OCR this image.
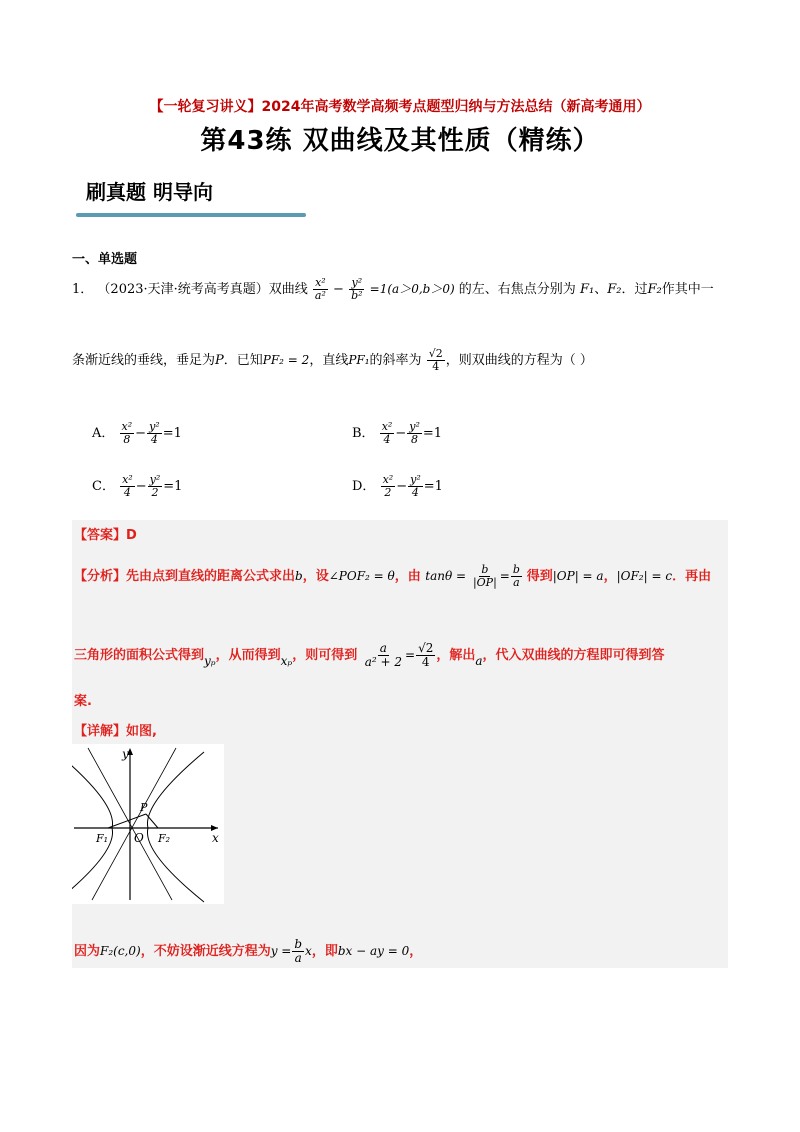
【一轮复习讲义】2024年高考数学高频考点题型归纳与方法总结（新高考通用）
第43练 双曲线及其性质（精练）
刷真题 明导向
一、单选题
1． （2023·天津·统考高考真题）双曲线 $\frac{\text{x²}}{\text{a²}} - \frac{\text{y²}}{\text{b²}} =1(a>0,b>0)$ 的左、右焦点分别为 F₁、F₂．过F₂作其中一
条渐近线的垂线，垂足为P．已知PF₂ = 2，直线PF₁的斜率为 $\frac{√2}{4}$ ，则双曲线的方程为（ ）
A． $\frac{\text{x²}}{8} - \frac{\text{y²}}{4} =1$	B． $\frac{\text{x²}}{4} - \frac{\text{y²}}{8} =1$
C． $\frac{\text{x²}}{4} - \frac{\text{y²}}{2} =1$	D． $\frac{\text{x²}}{2} - \frac{\text{y²}}{4} =1$
【答案】D
【分析】先由点到直线的距离公式求出b，设∠POF₂ = θ，由 $\tan\theta = \frac{b}{|OP|} = \frac{b}{a}$ 得到|OP| = a，|OF₂| = c．再由
三角形的面积公式得到yₚ，从而得到xₚ，则可得到 $\frac{a}{\text{a² + 2}} = \frac{√2}{4}$ ，解出a，代入双曲线的方程即可得到答
案.
【详解】如图,
y
x
O
P
F₁	F₂
因为F₂(c,0)，不妨设渐近线方程为$y = \frac{b}{a}$ x，即bx − ay = 0，
